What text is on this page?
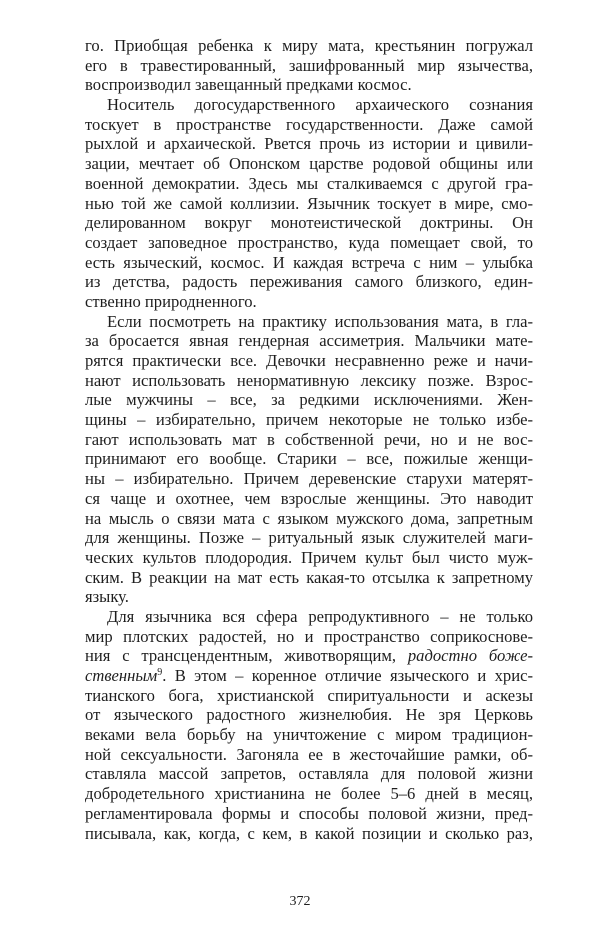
го. Приобщая ребенка к миру мата, крестьянин погружал
его в травестированный, зашифрованный мир язычества,
воспроизводил завещанный предками космос.
Носитель догосударственного архаического сознания
тоскует в пространстве государственности. Даже самой
рыхлой и архаической. Рвется прочь из истории и цивили-
зации, мечтает об Опонском царстве родовой общины или
военной демократии. Здесь мы сталкиваемся с другой гра-
нью той же самой коллизии. Язычник тоскует в мире, смо-
делированном вокруг монотеистической доктрины. Он
создает заповедное пространство, куда помещает свой, то
есть языческий, космос. И каждая встреча с ним – улыбка
из детства, радость переживания самого близкого, един-
ственно природненного.
Если посмотреть на практику использования мата, в гла-
за бросается явная гендерная ассиметрия. Мальчики мате-
рятся практически все. Девочки несравненно реже и начи-
нают использовать ненормативную лексику позже. Взрос-
лые мужчины – все, за редкими исключениями. Жен-
щины – избирательно, причем некоторые не только избе-
гают использовать мат в собственной речи, но и не вос-
принимают его вообще. Старики – все, пожилые женщи-
ны – избирательно. Причем деревенские старухи матерят-
ся чаще и охотнее, чем взрослые женщины. Это наводит
на мысль о связи мата с языком мужского дома, запретным
для женщины. Позже – ритуальный язык служителей маги-
ческих культов плодородия. Причем культ был чисто муж-
ским. В реакции на мат есть какая-то отсылка к запретному
языку.
Для язычника вся сфера репродуктивного – не только
мир плотских радостей, но и пространство соприкоснове-
ния с трансцендентным, животворящим, радостно боже-
ственным$^9$. В этом – коренное отличие языческого и хрис-
тианского бога, христианской спиритуальности и аскезы
от языческого радостного жизнелюбия. Не зря Церковь
веками вела борьбу на уничтожение с миром традицион-
ной сексуальности. Загоняла ее в жесточайшие рамки, об-
ставляла массой запретов, оставляла для половой жизни
добродетельного христианина не более 5–6 дней в месяц,
регламентировала формы и способы половой жизни, пред-
писывала, как, когда, с кем, в какой позиции и сколько раз,
372
